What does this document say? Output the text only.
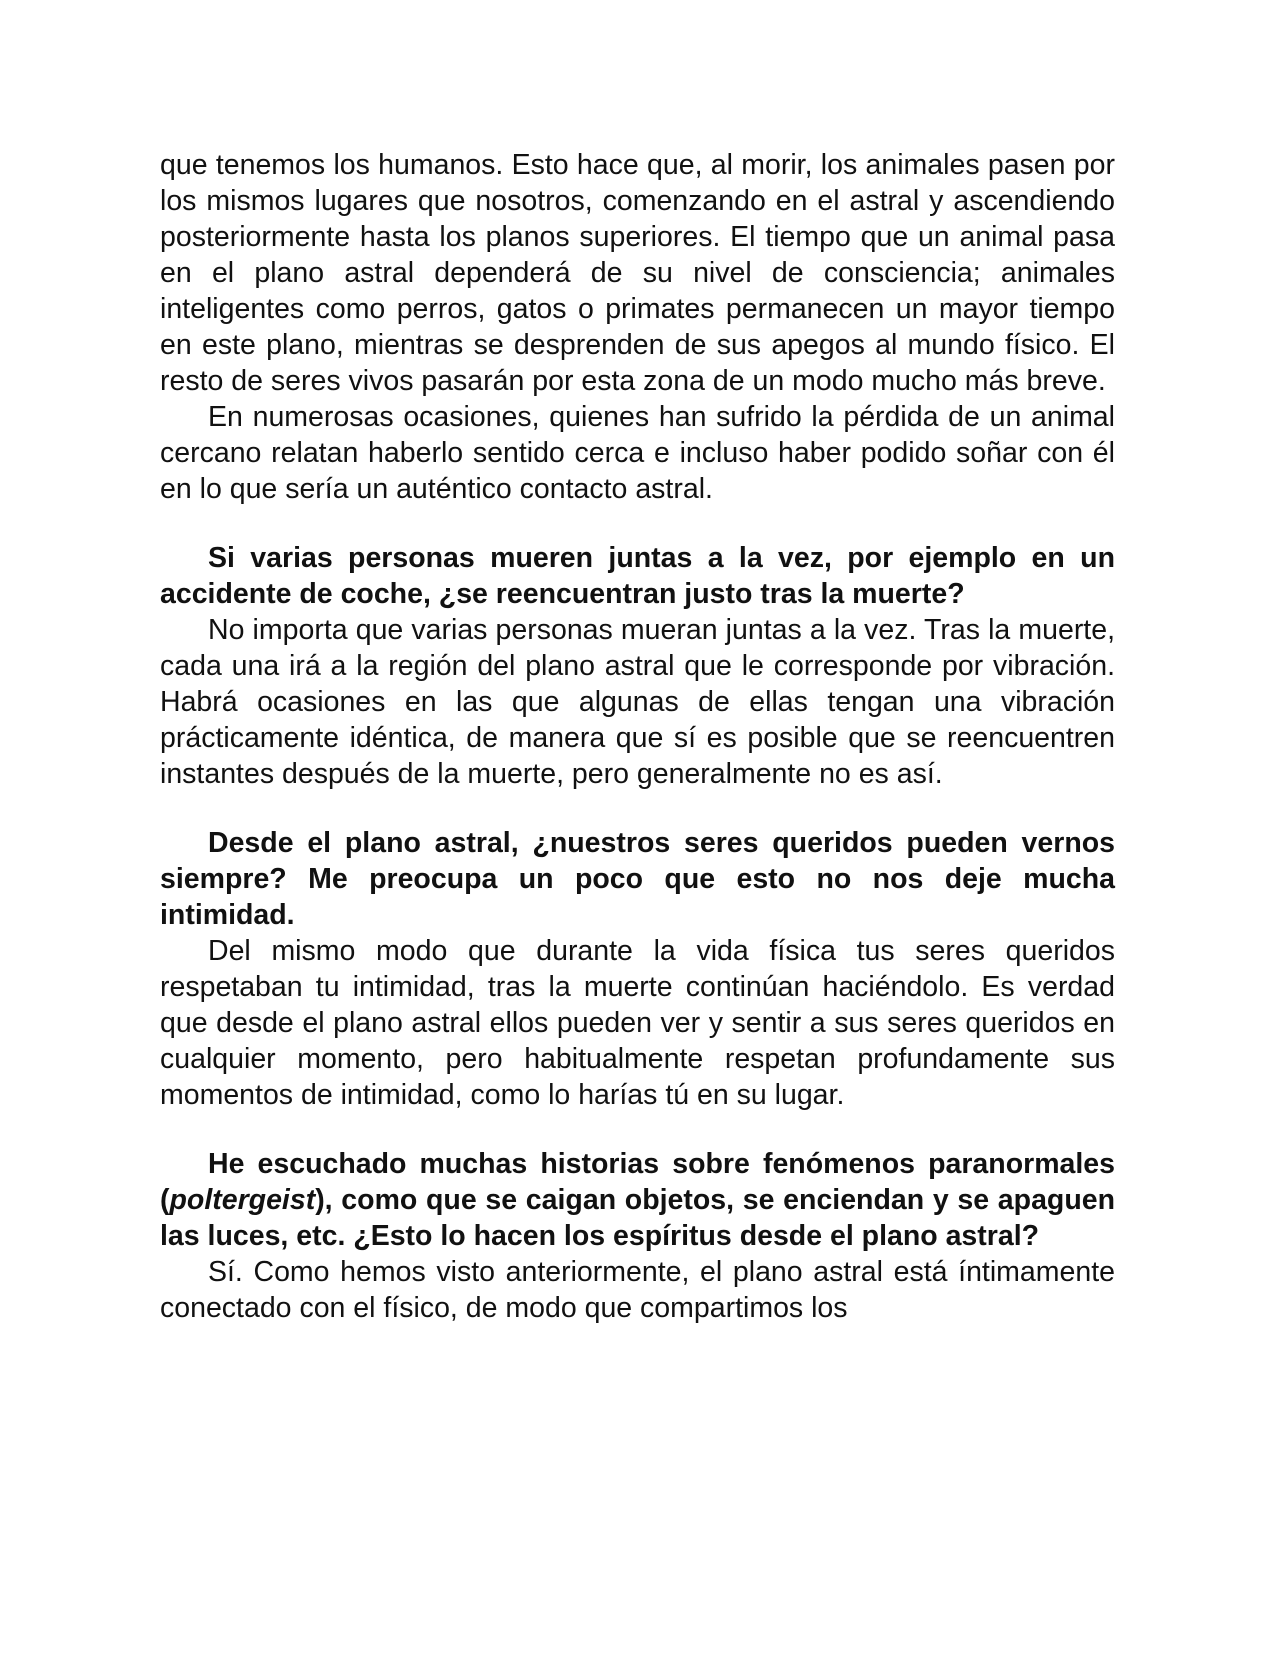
que tenemos los humanos. Esto hace que, al morir, los animales pasen por los mismos lugares que nosotros, comenzando en el astral y ascendiendo posteriormente hasta los planos superiores. El tiempo que un animal pasa en el plano astral dependerá de su nivel de consciencia; animales inteligentes como perros, gatos o primates permanecen un mayor tiempo en este plano, mientras se desprenden de sus apegos al mundo físico. El resto de seres vivos pasarán por esta zona de un modo mucho más breve.

En numerosas ocasiones, quienes han sufrido la pérdida de un animal cercano relatan haberlo sentido cerca e incluso haber podido soñar con él en lo que sería un auténtico contacto astral.

Si varias personas mueren juntas a la vez, por ejemplo en un accidente de coche, ¿se reencuentran justo tras la muerte?

No importa que varias personas mueran juntas a la vez. Tras la muerte, cada una irá a la región del plano astral que le corresponde por vibración. Habrá ocasiones en las que algunas de ellas tengan una vibración prácticamente idéntica, de manera que sí es posible que se reencuentren instantes después de la muerte, pero generalmente no es así.

Desde el plano astral, ¿nuestros seres queridos pueden vernos siempre? Me preocupa un poco que esto no nos deje mucha intimidad.

Del mismo modo que durante la vida física tus seres queridos respetaban tu intimidad, tras la muerte continúan haciéndolo. Es verdad que desde el plano astral ellos pueden ver y sentir a sus seres queridos en cualquier momento, pero habitualmente respetan profundamente sus momentos de intimidad, como lo harías tú en su lugar.

He escuchado muchas historias sobre fenómenos paranormales (poltergeist), como que se caigan objetos, se enciendan y se apaguen las luces, etc. ¿Esto lo hacen los espíritus desde el plano astral?

Sí. Como hemos visto anteriormente, el plano astral está íntimamente conectado con el físico, de modo que compartimos los
